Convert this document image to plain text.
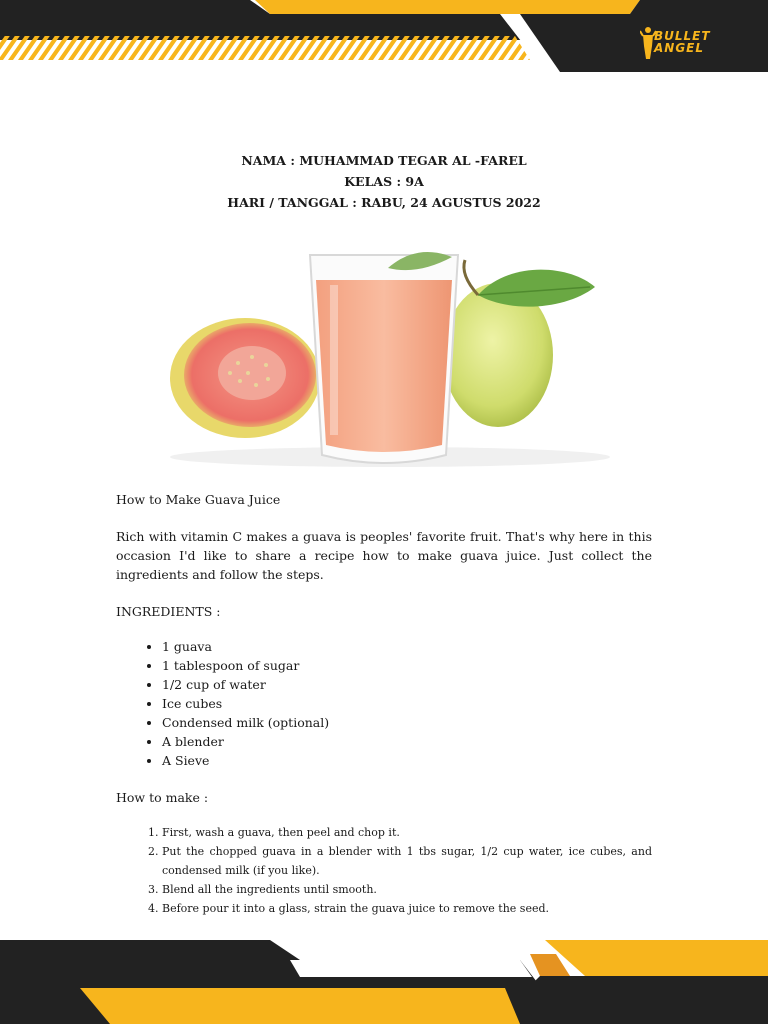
BULLET
ANGEL
NAMA : MUHAMMAD TEGAR AL -FAREL
KELAS : 9A
HARI / TANGGAL : RABU, 24 AGUSTUS 2022

How to Make Guava Juice

Rich with vitamin C makes a guava is peoples' favorite fruit. That's why here in this occasion I'd like to share a recipe how to make guava juice. Just collect the ingredients and follow the steps.

INGREDIENTS :

• 1 guava
• 1 tablespoon of sugar
• 1/2 cup of water
• Ice cubes
• Condensed milk (optional)
• A blender
• A Sieve

How to make :

1. First, wash a guava, then peel and chop it.
2. Put the chopped guava in a blender with 1 tbs sugar, 1/2 cup water, ice cubes, and condensed milk (if you like).
3. Blend all the ingredients until smooth.
4. Before pour it into a glass, strain the guava juice to remove the seed.
